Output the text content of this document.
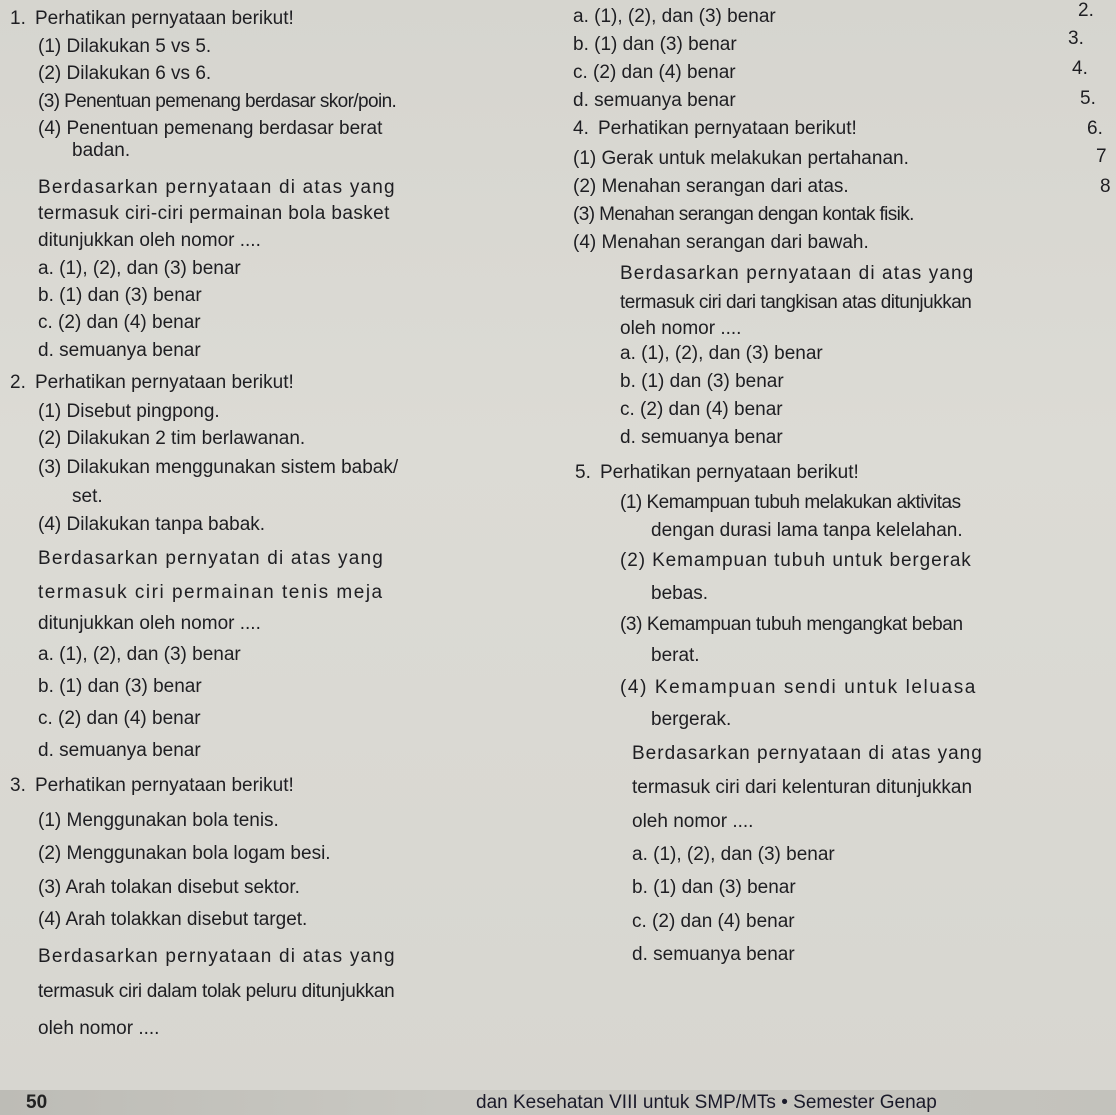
1. Perhatikan pernyataan berikut!
(1) Dilakukan 5 vs 5.
(2) Dilakukan 6 vs 6.
(3) Penentuan pemenang berdasar skor/poin.
(4) Penentuan pemenang berdasar berat
badan.
Berdasarkan pernyataan di atas yang
termasuk ciri-ciri permainan bola basket
ditunjukkan oleh nomor ....
a. (1), (2), dan (3) benar
b. (1) dan (3) benar
c. (2) dan (4) benar
d. semuanya benar
2. Perhatikan pernyataan berikut!
(1) Disebut pingpong.
(2) Dilakukan 2 tim berlawanan.
(3) Dilakukan menggunakan sistem babak/
set.
(4) Dilakukan tanpa babak.
Berdasarkan pernyatan di atas yang
termasuk ciri permainan tenis meja
ditunjukkan oleh nomor ....
a. (1), (2), dan (3) benar
b. (1) dan (3) benar
c. (2) dan (4) benar
d. semuanya benar
3. Perhatikan pernyataan berikut!
(1) Menggunakan bola tenis.
(2) Menggunakan bola logam besi.
(3) Arah tolakan disebut sektor.
(4) Arah tolakkan disebut target.
Berdasarkan pernyataan di atas yang
termasuk ciri dalam tolak peluru ditunjukkan
oleh nomor ....
a. (1), (2), dan (3) benar
b. (1) dan (3) benar
c. (2) dan (4) benar
d. semuanya benar
4. Perhatikan pernyataan berikut!
(1) Gerak untuk melakukan pertahanan.
(2) Menahan serangan dari atas.
(3) Menahan serangan dengan kontak fisik.
(4) Menahan serangan dari bawah.
Berdasarkan pernyataan di atas yang
termasuk ciri dari tangkisan atas ditunjukkan
oleh nomor ....
a. (1), (2), dan (3) benar
b. (1) dan (3) benar
c. (2) dan (4) benar
d. semuanya benar
5. Perhatikan pernyataan berikut!
(1) Kemampuan tubuh melakukan aktivitas
dengan durasi lama tanpa kelelahan.
(2) Kemampuan tubuh untuk bergerak
bebas.
(3) Kemampuan tubuh mengangkat beban
berat.
(4) Kemampuan sendi untuk leluasa
bergerak.
Berdasarkan pernyataan di atas yang
termasuk ciri dari kelenturan ditunjukkan
oleh nomor ....
a. (1), (2), dan (3) benar
b. (1) dan (3) benar
c. (2) dan (4) benar
d. semuanya benar
2.
3.
4.
5.
6.
7
8
50	dan Kesehatan VIII untuk SMP/MTs • Semester Genap
